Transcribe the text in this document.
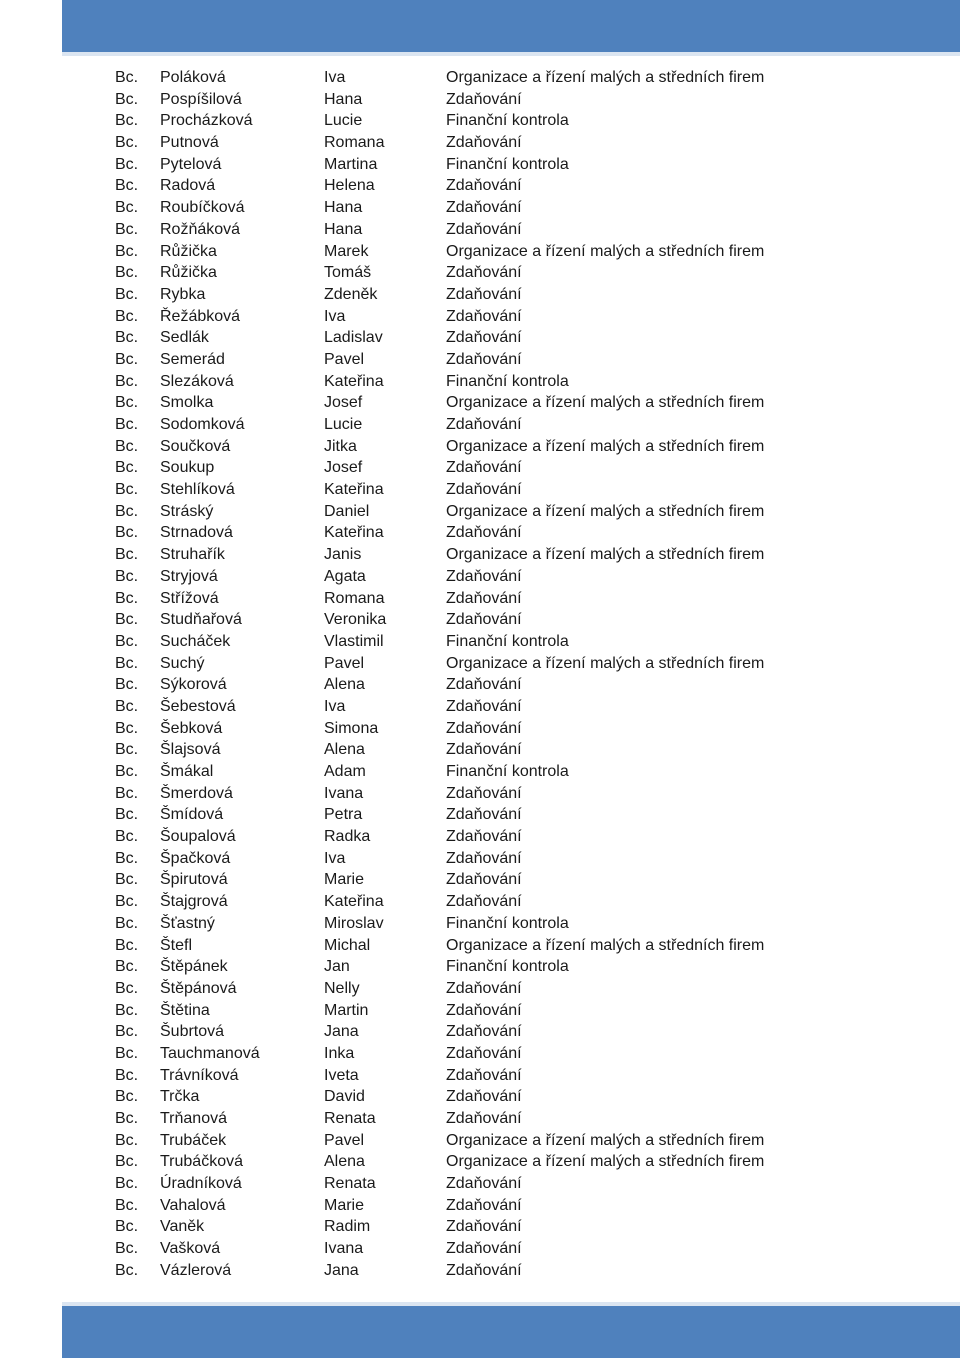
Bc. Poláková	Iva	Organizace a řízení malých a středních firem
Bc. Pospíšilová	Hana	Zdaňování
Bc. Procházková	Lucie	Finanční kontrola
Bc. Putnová	Romana	Zdaňování
Bc. Pytelová	Martina	Finanční kontrola
Bc. Radová	Helena	Zdaňování
Bc. Roubíčková	Hana	Zdaňování
Bc. Rožňáková	Hana	Zdaňování
Bc. Růžička	Marek	Organizace a řízení malých a středních firem
Bc. Růžička	Tomáš	Zdaňování
Bc. Rybka	Zdeněk	Zdaňování
Bc. Řežábková	Iva	Zdaňování
Bc. Sedlák	Ladislav	Zdaňování
Bc. Semerád	Pavel	Zdaňování
Bc. Slezáková	Kateřina	Finanční kontrola
Bc. Smolka	Josef	Organizace a řízení malých a středních firem
Bc. Sodomková	Lucie	Zdaňování
Bc. Součková	Jitka	Organizace a řízení malých a středních firem
Bc. Soukup	Josef	Zdaňování
Bc. Stehlíková	Kateřina	Zdaňování
Bc. Stráský	Daniel	Organizace a řízení malých a středních firem
Bc. Strnadová	Kateřina	Zdaňování
Bc. Struhařík	Janis	Organizace a řízení malých a středních firem
Bc. Stryjová	Agata	Zdaňování
Bc. Střížová	Romana	Zdaňování
Bc. Studňařová	Veronika	Zdaňování
Bc. Sucháček	Vlastimil	Finanční kontrola
Bc. Suchý	Pavel	Organizace a řízení malých a středních firem
Bc. Sýkorová	Alena	Zdaňování
Bc. Šebestová	Iva	Zdaňování
Bc. Šebková	Simona	Zdaňování
Bc. Šlajsová	Alena	Zdaňování
Bc. Šmákal	Adam	Finanční kontrola
Bc. Šmerdová	Ivana	Zdaňování
Bc. Šmídová	Petra	Zdaňování
Bc. Šoupalová	Radka	Zdaňování
Bc. Špačková	Iva	Zdaňování
Bc. Špirutová	Marie	Zdaňování
Bc. Štajgrová	Kateřina	Zdaňování
Bc. Šťastný	Miroslav	Finanční kontrola
Bc. Štefl	Michal	Organizace a řízení malých a středních firem
Bc. Štěpánek	Jan	Finanční kontrola
Bc. Štěpánová	Nelly	Zdaňování
Bc. Štětina	Martin	Zdaňování
Bc. Šubrtová	Jana	Zdaňování
Bc. Tauchmanová	Inka	Zdaňování
Bc. Trávníková	Iveta	Zdaňování
Bc. Trčka	David	Zdaňování
Bc. Trňanová	Renata	Zdaňování
Bc. Trubáček	Pavel	Organizace a řízení malých a středních firem
Bc. Trubáčková	Alena	Organizace a řízení malých a středních firem
Bc. Úradníková	Renata	Zdaňování
Bc. Vahalová	Marie	Zdaňování
Bc. Vaněk	Radim	Zdaňování
Bc. Vašková	Ivana	Zdaňování
Bc. Vázlerová	Jana	Zdaňování
